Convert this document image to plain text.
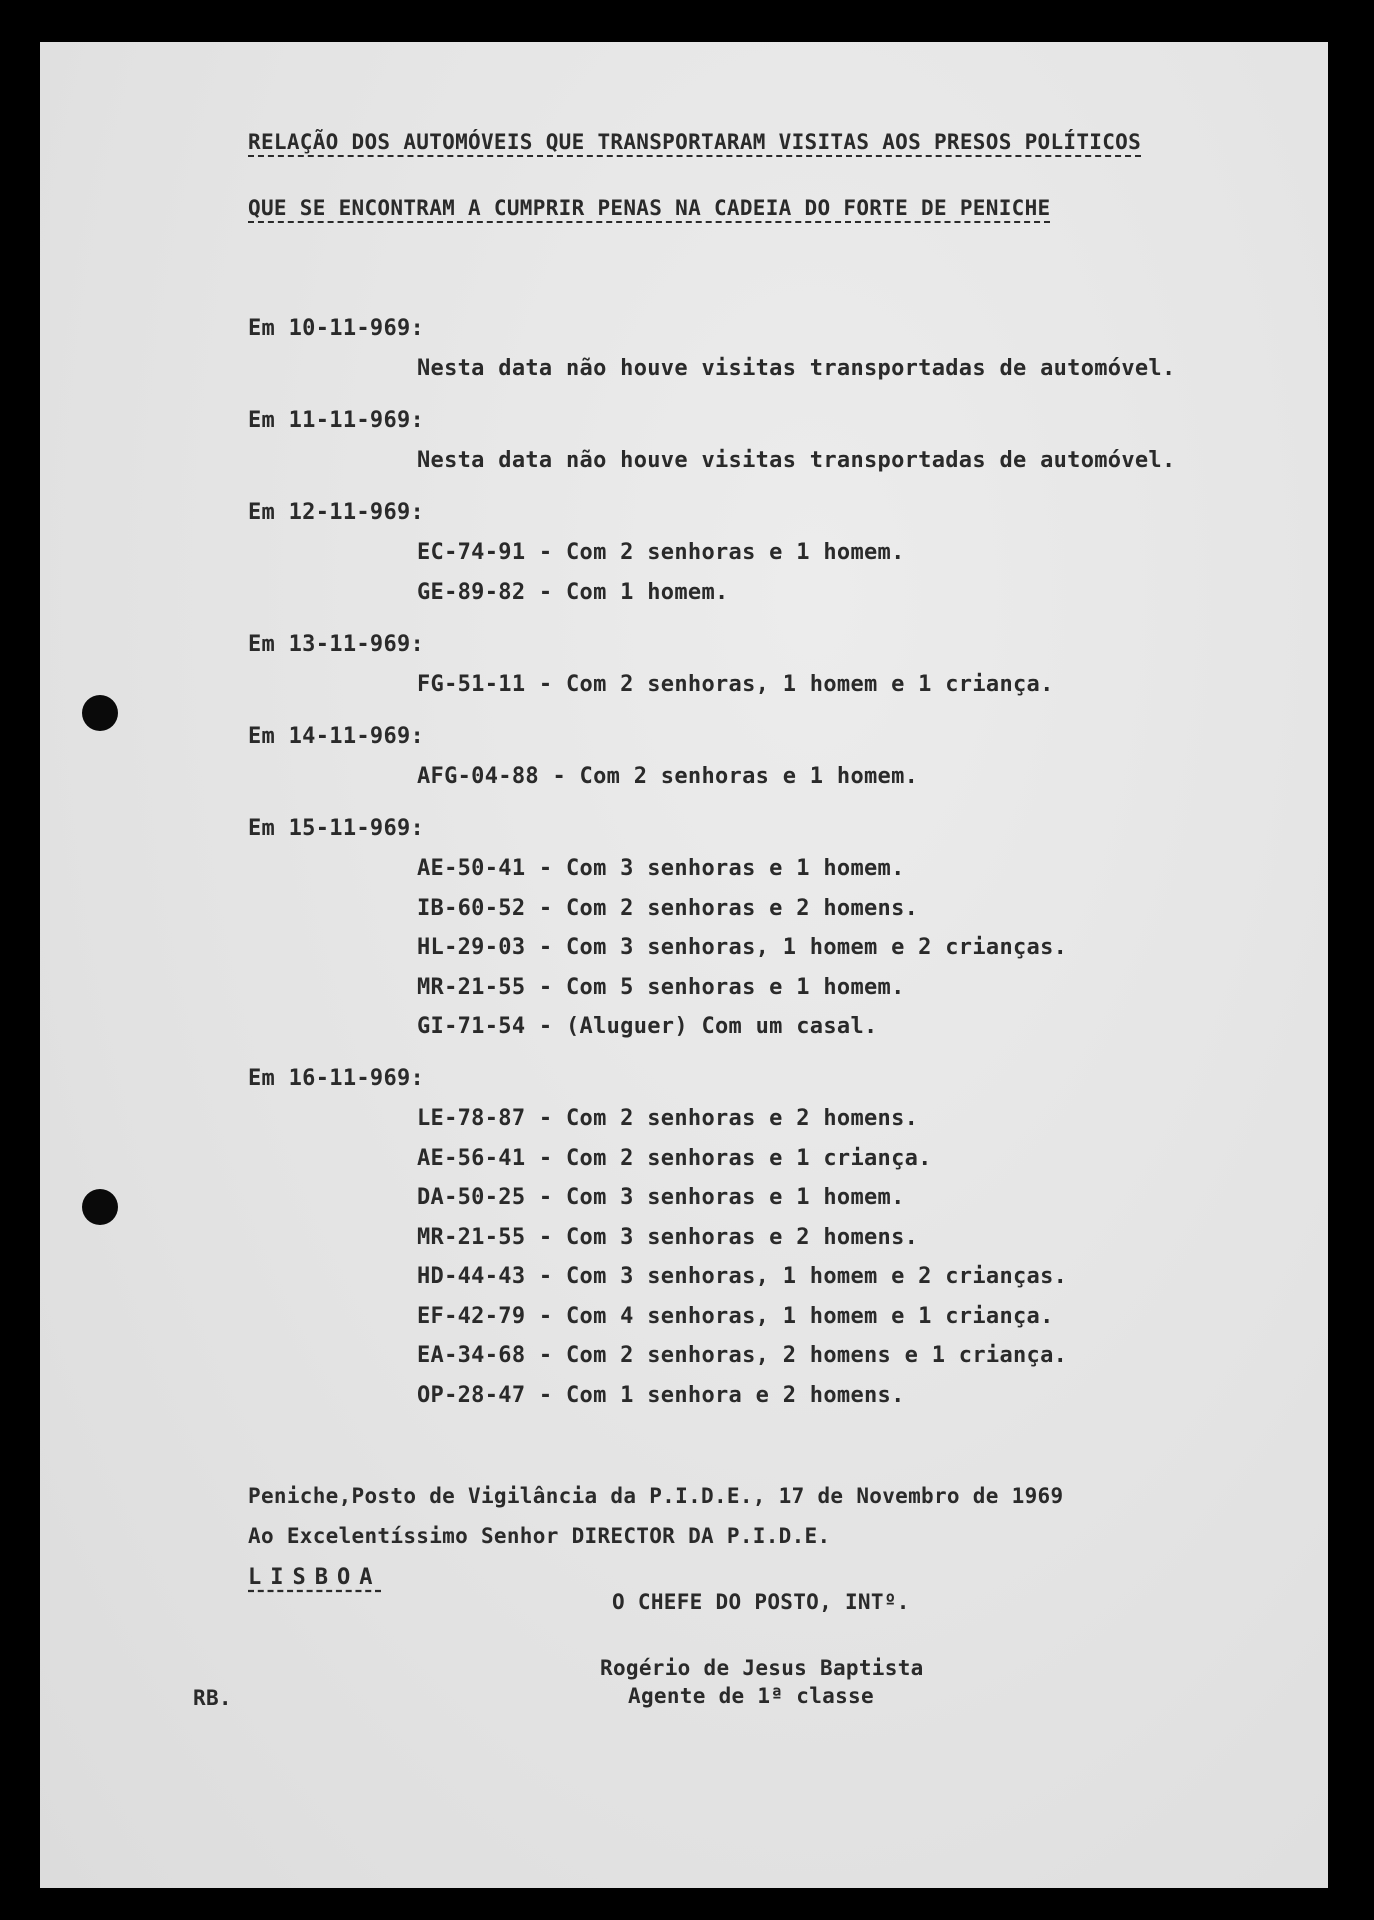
RELAÇÃO DOS AUTOMÓVEIS QUE TRANSPORTARAM VISITAS AOS PRESOS POLÍTICOS
QUE SE ENCONTRAM A CUMPRIR PENAS NA CADEIA DO FORTE DE PENICHE
Em 10-11-969:
Nesta data não houve visitas transportadas de automóvel.
Em 11-11-969:
Nesta data não houve visitas transportadas de automóvel.
Em 12-11-969:
EC-74-91 - Com 2 senhoras e 1 homem.
GE-89-82 - Com 1 homem.
Em 13-11-969:
FG-51-11 - Com 2 senhoras, 1 homem e 1 criança.
Em 14-11-969:
AFG-04-88 - Com 2 senhoras e 1 homem.
Em 15-11-969:
AE-50-41 - Com 3 senhoras e 1 homem.
IB-60-52 - Com 2 senhoras e 2 homens.
HL-29-03 - Com 3 senhoras, 1 homem e 2 crianças.
MR-21-55 - Com 5 senhoras e 1 homem.
GI-71-54 - (Aluguer) Com um casal.
Em 16-11-969:
LE-78-87 - Com 2 senhoras e 2 homens.
AE-56-41 - Com 2 senhoras e 1 criança.
DA-50-25 - Com 3 senhoras e 1 homem.
MR-21-55 - Com 3 senhoras e 2 homens.
HD-44-43 - Com 3 senhoras, 1 homem e 2 crianças.
EF-42-79 - Com 4 senhoras, 1 homem e 1 criança.
EA-34-68 - Com 2 senhoras, 2 homens e 1 criança.
OP-28-47 - Com 1 senhora e 2 homens.
Peniche,Posto de Vigilância da P.I.D.E., 17 de Novembro de 1969
Ao Excelentíssimo Senhor DIRECTOR DA P.I.D.E.
LISBOA
O CHEFE DO POSTO, INTº.
Rogério de Jesus Baptista
Agente de 1ª classe
RB.
